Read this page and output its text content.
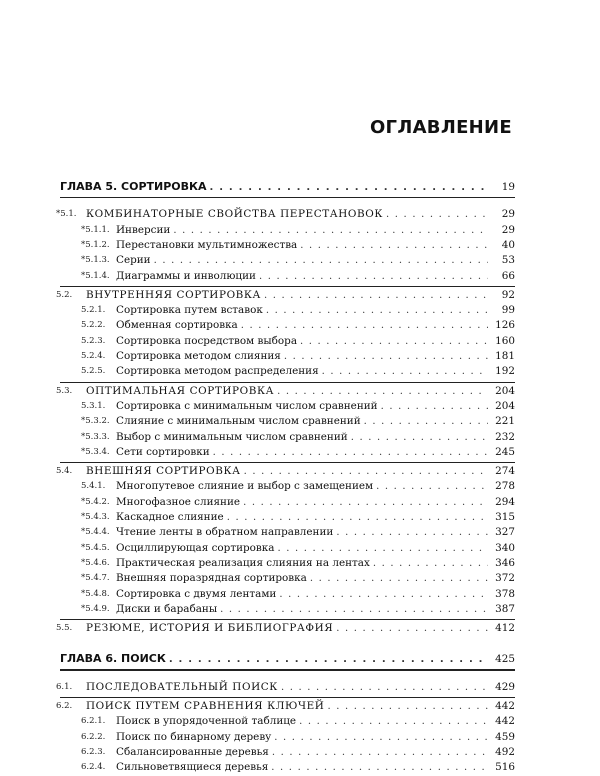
ОГЛАВЛЕНИЕ
ГЛАВА 5. СОРТИРОВКА . . .	19
*5.1. КОМБИНАТОРНЫЕ СВОЙСТВА ПЕРЕСТАНОВОК . . .	29
*5.1.1. Инверсии . . .	29
*5.1.2. Перестановки мультимножества . . .	40
*5.1.3. Серии . . .	53
*5.1.4. Диаграммы и инволюции . . .	66
5.2. ВНУТРЕННЯЯ СОРТИРОВКА . . .	92
5.2.1. Сортировка путем вставок . . .	99
5.2.2. Обменная сортировка . . .	126
5.2.3. Сортировка посредством выбора . . .	160
5.2.4. Сортировка методом слияния . . .	181
5.2.5. Сортировка методом распределения . . .	192
5.3. ОПТИМАЛЬНАЯ СОРТИРОВКА . . .	204
5.3.1. Сортировка с минимальным числом сравнений . . .	204
*5.3.2. Слияние с минимальным числом сравнений . . .	221
*5.3.3. Выбор с минимальным числом сравнений . . .	232
*5.3.4. Сети сортировки . . .	245
5.4. ВНЕШНЯЯ СОРТИРОВКА . . .	274
5.4.1. Многопутевое слияние и выбор с замещением . . .	278
*5.4.2. Многофазное слияние . . .	294
*5.4.3. Каскадное слияние . . .	315
*5.4.4. Чтение ленты в обратном направлении . . .	327
*5.4.5. Осциллирующая сортировка . . .	340
*5.4.6. Практическая реализация слияния на лентах . . .	346
*5.4.7. Внешняя поразрядная сортировка . . .	372
*5.4.8. Сортировка с двумя лентами . . .	378
*5.4.9. Диски и барабаны . . .	387
5.5. РЕЗЮМЕ, ИСТОРИЯ И БИБЛИОГРАФИЯ . . .	412
ГЛАВА 6. ПОИСК . . .	425
6.1. ПОСЛЕДОВАТЕЛЬНЫЙ ПОИСК . . .	429
6.2. ПОИСК ПУТЕМ СРАВНЕНИЯ КЛЮЧЕЙ . . .	442
6.2.1. Поиск в упорядоченной таблице . . .	442
6.2.2. Поиск по бинарному дереву . . .	459
6.2.3. Сбалансированные деревья . . .	492
6.2.4. Сильноветвящиеся деревья . . .	516
